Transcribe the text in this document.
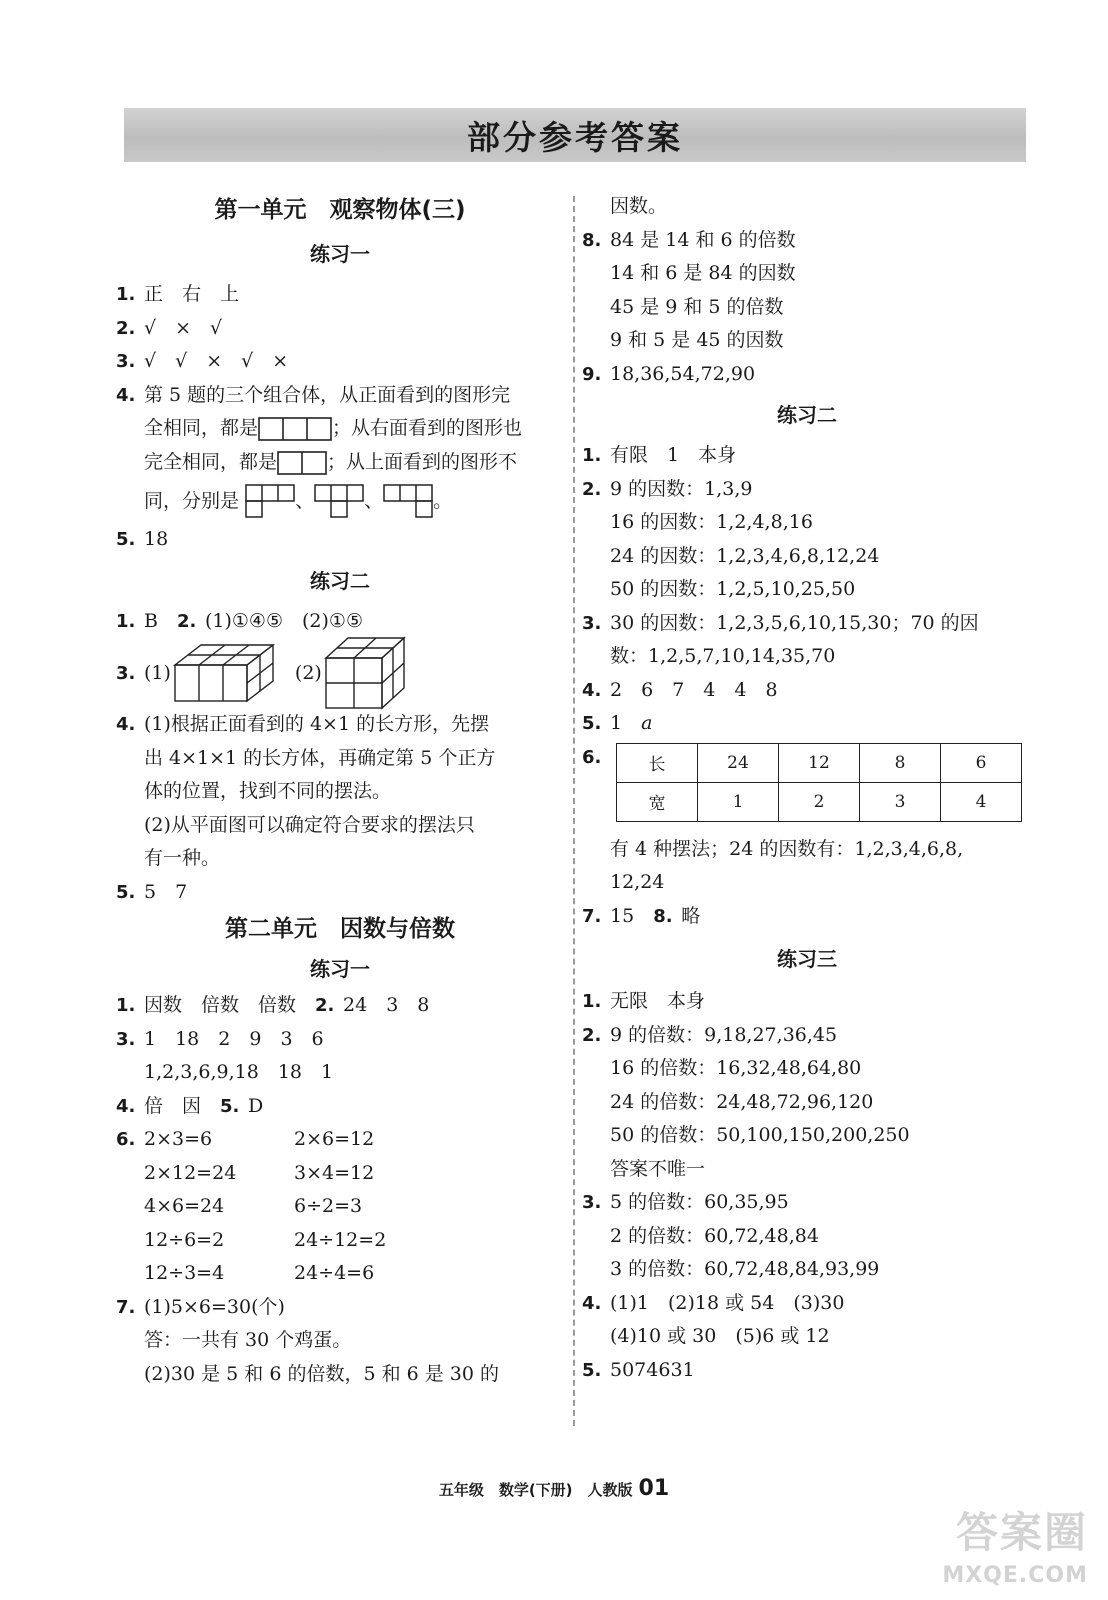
部分参考答案
第一单元　观察物体(三)
练习一
1. 正　右　上
2. √　×　√
3. √　√　×　√　×
4. 第 5 题的三个组合体，从正面看到的图形完
全相同，都是	；从右面看到的图形也
完全相同，都是	；从上面看到的图形不
同，分别是	、	、	。
5. 18
练习二
1. B　 2. (1)①④⑤　(2)①⑤
3. (1)	(2)
4. (1)根据正面看到的 4×1 的长方形，先摆
出 4×1×1 的长方体，再确定第 5 个正方
体的位置，找到不同的摆法。
(2)从平面图可以确定符合要求的摆法只
有一种。
5. 5　7
第二单元　因数与倍数
练习一
1. 因数　倍数　倍数　 2. 24　3　8
3. 1　18　2　9　3　6
1,2,3,6,9,18　18　1
4. 倍　因　 5. D
6. 2×3=6	2×6=12
2×12=24	3×4=12
4×6=24	6÷2=3
12÷6=2	24÷12=2
12÷3=4	24÷4=6
7. (1)5×6=30(个)
答：一共有 30 个鸡蛋。
(2)30 是 5 和 6 的倍数，5 和 6 是 30 的
因数。
8. 84 是 14 和 6 的倍数
14 和 6 是 84 的因数
45 是 9 和 5 的倍数
9 和 5 是 45 的因数
9. 18,36,54,72,90
练习二
1. 有限　1　本身
2. 9 的因数：1,3,9
16 的因数：1,2,4,8,16
24 的因数：1,2,3,4,6,8,12,24
50 的因数：1,2,5,10,25,50
3. 30 的因数：1,2,3,5,6,10,15,30；70 的因
数：1,2,5,7,10,14,35,70
4. 2　6　7　4　4　8
5. 1　 a
6.	长	24	12	8	6
宽	1	2	3	4
有 4 种摆法；24 的因数有：1,2,3,4,6,8,
12,24
7. 15　 8. 略
练习三
1. 无限　本身
2. 9 的倍数：9,18,27,36,45
16 的倍数：16,32,48,64,80
24 的倍数：24,48,72,96,120
50 的倍数：50,100,150,200,250
答案不唯一
3. 5 的倍数：60,35,95
2 的倍数：60,72,48,84
3 的倍数：60,72,48,84,93,99
4. (1)1　(2)18 或 54　(3)30
(4)10 或 30　(5)6 或 12
5. 5074631
五年级　数学(下册)　人教版 01
答案圈
MXQE.COM
